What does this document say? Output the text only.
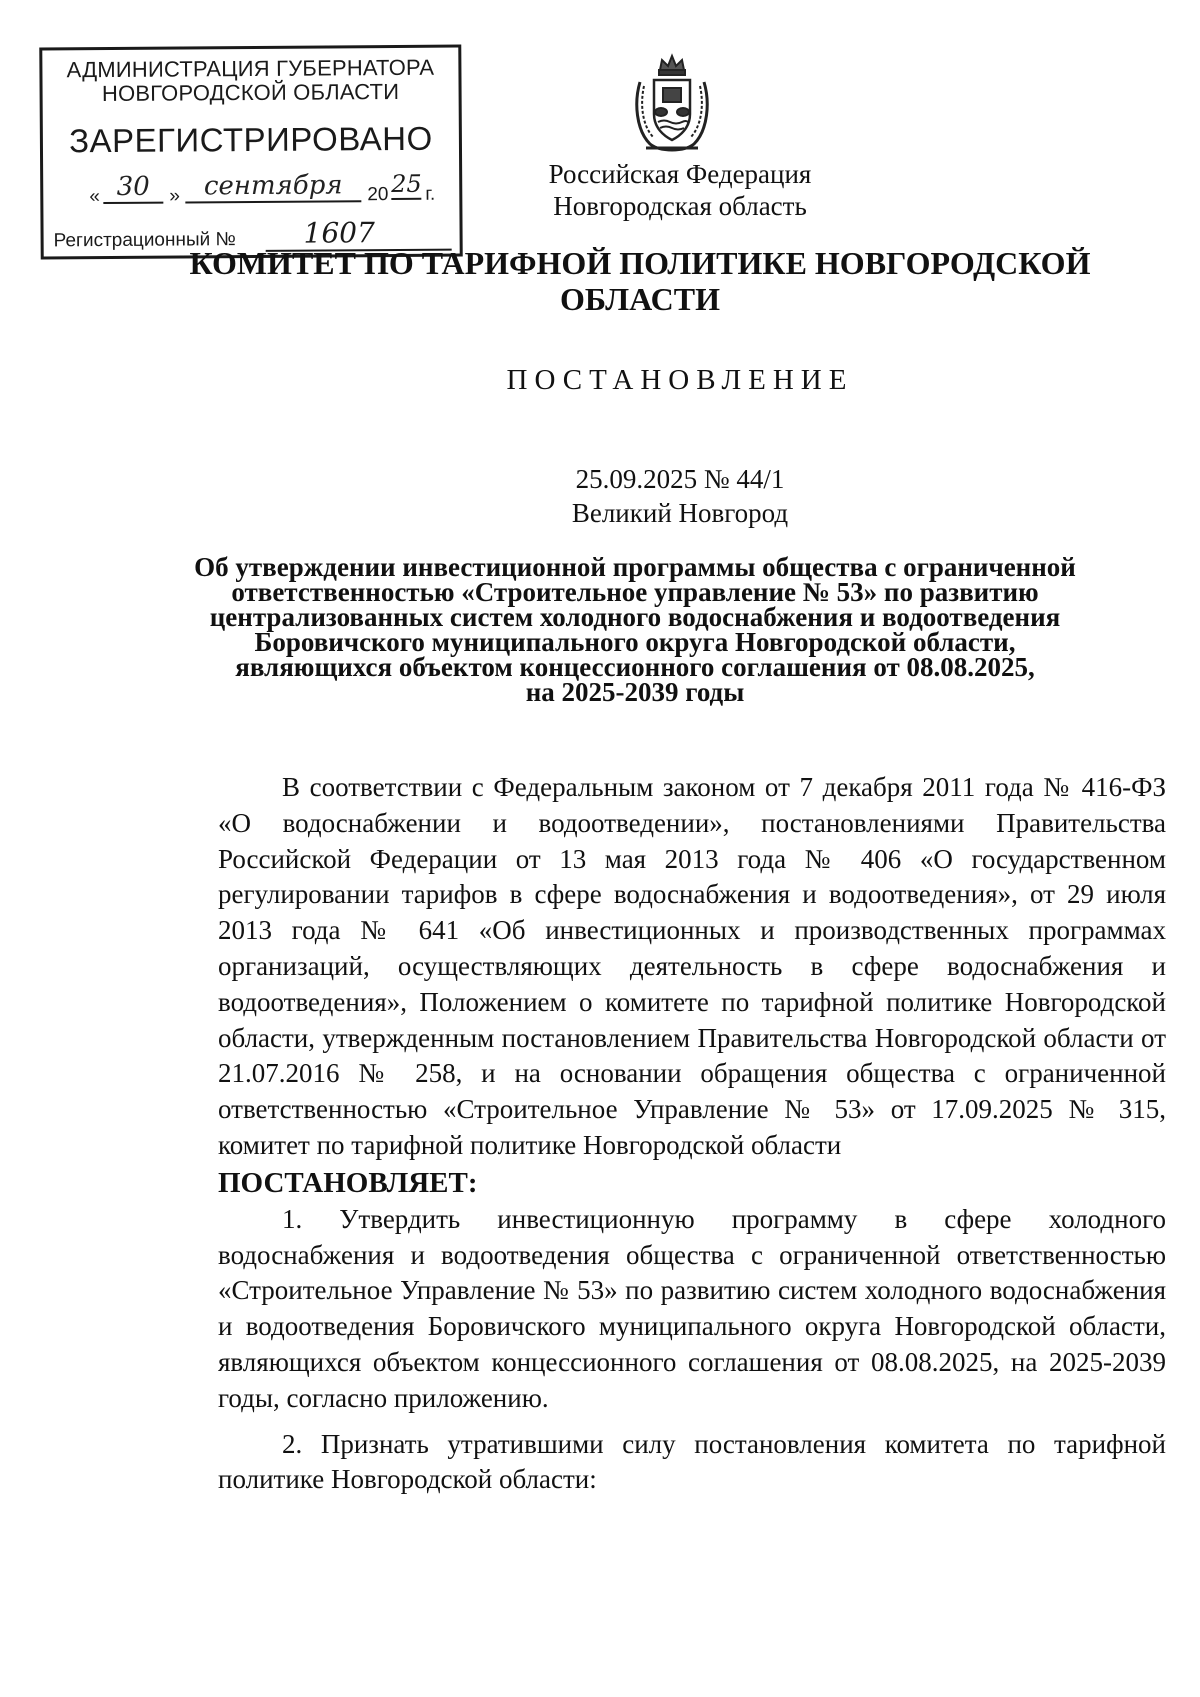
АДМИНИСТРАЦИЯ ГУБЕРНАТОРА
НОВГОРОДСКОЙ ОБЛАСТИ
ЗАРЕГИСТРИРОВАНО
« 30	» сентября	20 25 г.
Регистрационный №	1607
Российская Федерация
Новгородская область
КОМИТЕТ ПО ТАРИФНОЙ ПОЛИТИКЕ НОВГОРОДСКОЙ ОБЛАСТИ
ПОСТАНОВЛЕНИЕ
25.09.2025 № 44/1
Великий Новгород
Об утверждении инвестиционной программы общества с ограниченной
ответственностью «Строительное управление № 53» по развитию
централизованных систем холодного водоснабжения и водоотведения
Боровичского муниципального округа Новгородской области,
являющихся объектом концессионного соглашения от 08.08.2025,
на 2025-2039 годы

В соответствии с Федеральным законом от 7 декабря 2011 года № 416-ФЗ «О водоснабжении и водоотведении», постановлениями Правительства Российской Федерации от 13 мая 2013 года № 406 «О государственном регулировании тарифов в сфере водоснабжения и водоотведения», от 29 июля 2013 года № 641 «Об инвестиционных и производственных программах организаций, осуществляющих деятельность в сфере водоснабжения и водоотведения», Положением о комитете по тарифной политике Новгородской области, утвержденным постановлением Правительства Новгородской области от 21.07.2016 № 258, и на основании обращения общества с ограниченной ответственностью «Строительное Управление № 53» от 17.09.2025 № 315, комитет по тарифной политике Новгородской области

ПОСТАНОВЛЯЕТ:

1. Утвердить инвестиционную программу в сфере холодного водоснабжения и водоотведения общества с ограниченной ответственностью «Строительное Управление № 53» по развитию систем холодного водоснабжения и водоотведения Боровичского муниципального округа Новгородской области, являющихся объектом концессионного соглашения от 08.08.2025, на 2025-2039 годы, согласно приложению.

2. Признать утратившими силу постановления комитета по тарифной политике Новгородской области:
